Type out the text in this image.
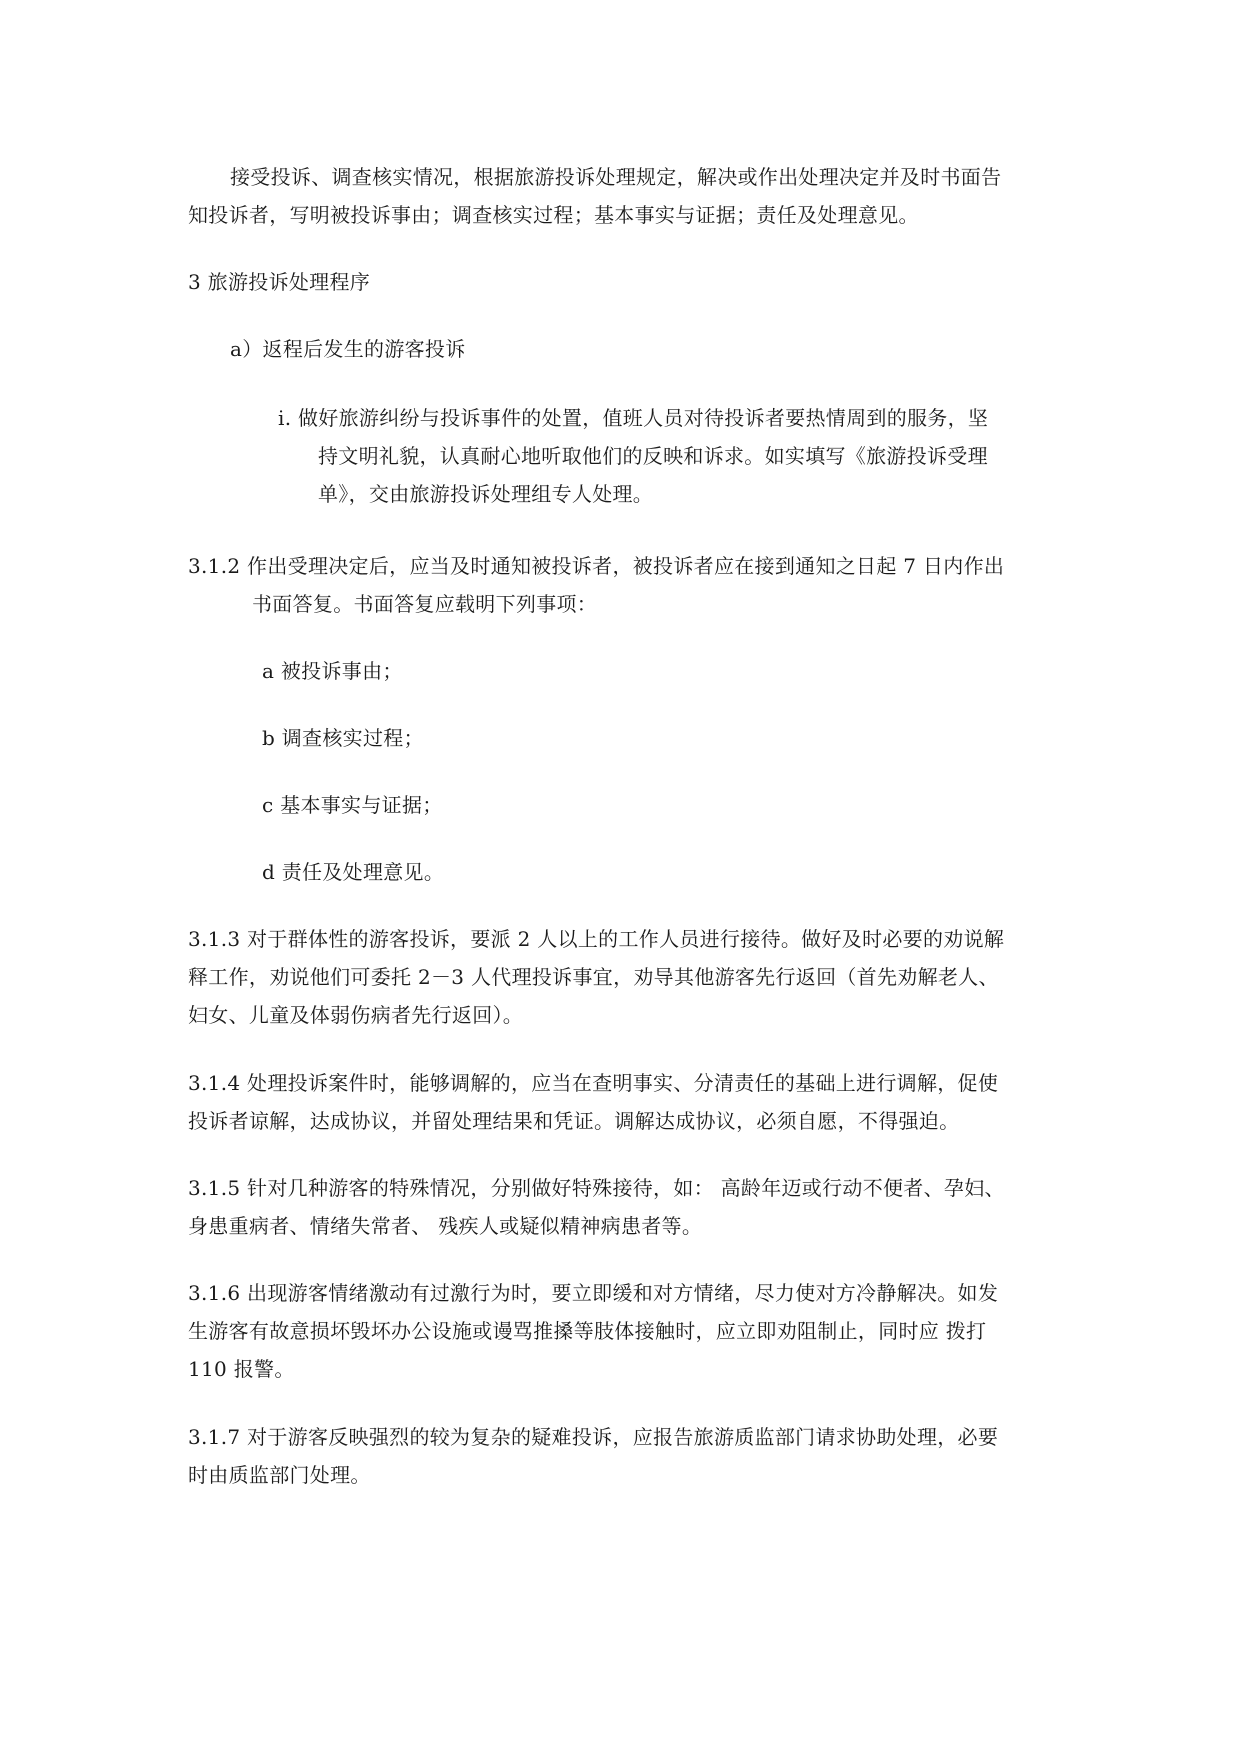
接受投诉、调查核实情况，根据旅游投诉处理规定，解决或作出处理决定并及时书面告
知投诉者，写明被投诉事由；调查核实过程；基本事实与证据；责任及处理意见。

3 旅游投诉处理程序

a）返程后发生的游客投诉

i. 做好旅游纠纷与投诉事件的处置，值班人员对待投诉者要热情周到的服务，坚
持文明礼貌，认真耐心地听取他们的反映和诉求。如实填写《旅游投诉受理
单》，交由旅游投诉处理组专人处理。

3.1.2 作出受理决定后，应当及时通知被投诉者，被投诉者应在接到通知之日起 7 日内作出
书面答复。书面答复应载明下列事项：

a 被投诉事由；

b 调查核实过程；

c 基本事实与证据；

d 责任及处理意见。

3.1.3 对于群体性的游客投诉，要派 2 人以上的工作人员进行接待。做好及时必要的劝说解
释工作，劝说他们可委托 2－3 人代理投诉事宜，劝导其他游客先行返回（首先劝解老人、
妇女、儿童及体弱伤病者先行返回）。

3.1.4 处理投诉案件时，能够调解的，应当在查明事实、分清责任的基础上进行调解，促使
投诉者谅解，达成协议，并留处理结果和凭证。调解达成协议，必须自愿，不得强迫。

3.1.5 针对几种游客的特殊情况，分别做好特殊接待，如： 高龄年迈或行动不便者、孕妇、
身患重病者、情绪失常者、 残疾人或疑似精神病患者等。

3.1.6 出现游客情绪激动有过激行为时，要立即缓和对方情绪，尽力使对方冷静解决。如发
生游客有故意损坏毁坏办公设施或谩骂推搡等肢体接触时，应立即劝阻制止，同时应 拨打
110 报警。

3.1.7 对于游客反映强烈的较为复杂的疑难投诉，应报告旅游质监部门请求协助处理，必要
时由质监部门处理。
